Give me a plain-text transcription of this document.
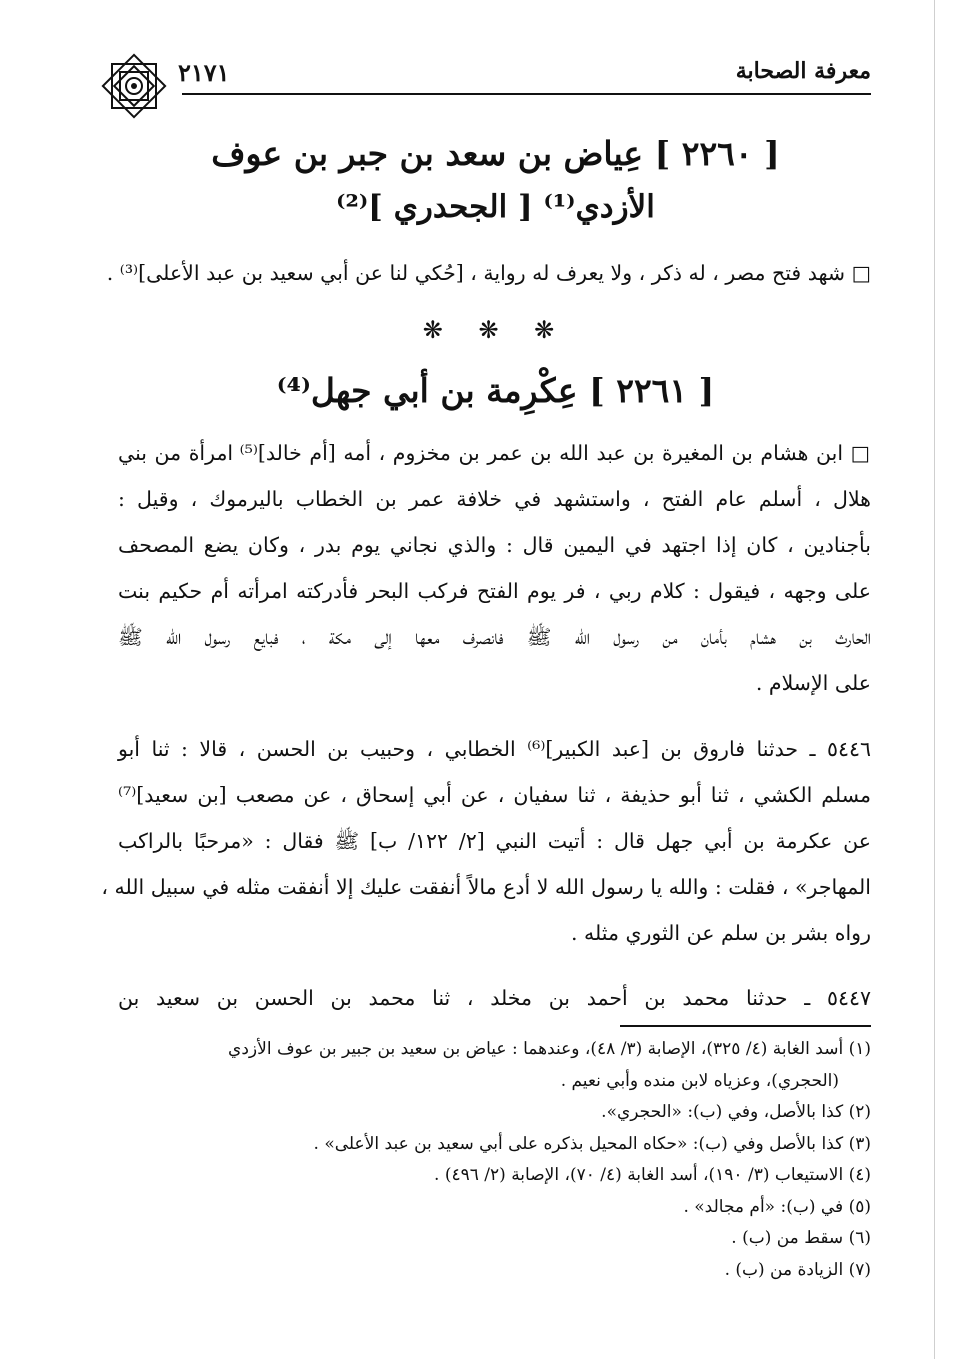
معرفة الصحابة
٢١٧١
[ ٢٢٦٠ ] عِياض بن سعد بن جبر بن عوف
الأزدي⁽¹⁾ [ الجحدري ]⁽²⁾
□ شهد فتح مصر ، له ذكر ، ولا يعرف له رواية ، [حُكي لنا عن أبي سعيد بن عبد الأعلى]⁽³⁾ .
❋ ❋ ❋
[ ٢٢٦١ ] عِكْرِمة بن أبي جهل⁽⁴⁾
□ ابن هشام بن المغيرة بن عبد الله بن عمر بن مخزوم ، أمه [أم خالد]⁽⁵⁾ امرأة من بني
هلال ، أسلم عام الفتح ، واستشهد في خلافة عمر بن الخطاب باليرموك ، وقيل :
بأجنادين ، كان إذا اجتهد في اليمين قال : والذي نجاني يوم بدر ، وكان يضع المصحف
على وجهه ، فيقول : كلام ربي ، فر يوم الفتح فركب البحر فأدركته امرأته أم حكيم بنت
الحارث بن هشام بأمان من رسول الله ﷺ فانصرف معها إلى مكة ، فبايع رسول الله ﷺ
على الإسلام .
٥٤٤٦ ـ حدثنا فاروق بن [عبد الكبير]⁽⁶⁾ الخطابي ، وحبيب بن الحسن ، قالا : ثنا أبو
مسلم الكشي ، ثنا أبو حذيفة ، ثنا سفيان ، عن أبي إسحاق ، عن مصعب [بن سعيد]⁽⁷⁾
عن عكرمة بن أبي جهل قال : أتيت النبي [٢/ ١٢٢/ ب] ﷺ فقال : «مرحبًا بالراكب
المهاجر» ، فقلت : والله يا رسول الله لا أدع مالاً أنفقت عليك إلا أنفقت مثله في سبيل الله ،
رواه بشر بن سلم عن الثوري مثله .
٥٤٤٧ ـ حدثنا محمد بن أحمد بن مخلد ، ثنا محمد بن الحسن بن سعيد بن
(١) أسد الغابة (٤/ ٣٢٥)، الإصابة (٣/ ٤٨)، وعندهما : عياض بن سعيد بن جبير بن عوف الأزدي
(الحجري)، وعزياه لابن منده وأبي نعيم .
(٢) كذا بالأصل، وفي (ب): «الحجري».
(٣) كذا بالأصل وفي (ب): «حكاه المحيل بذكره على أبي سعيد بن عبد الأعلى» .
(٤) الاستيعاب (٣/ ١٩٠)، أسد الغابة (٤/ ٧٠)، الإصابة (٢/ ٤٩٦) .
(٥) في (ب): «أم مجالد» .
(٦) سقط من (ب) .
(٧) الزيادة من (ب) .
